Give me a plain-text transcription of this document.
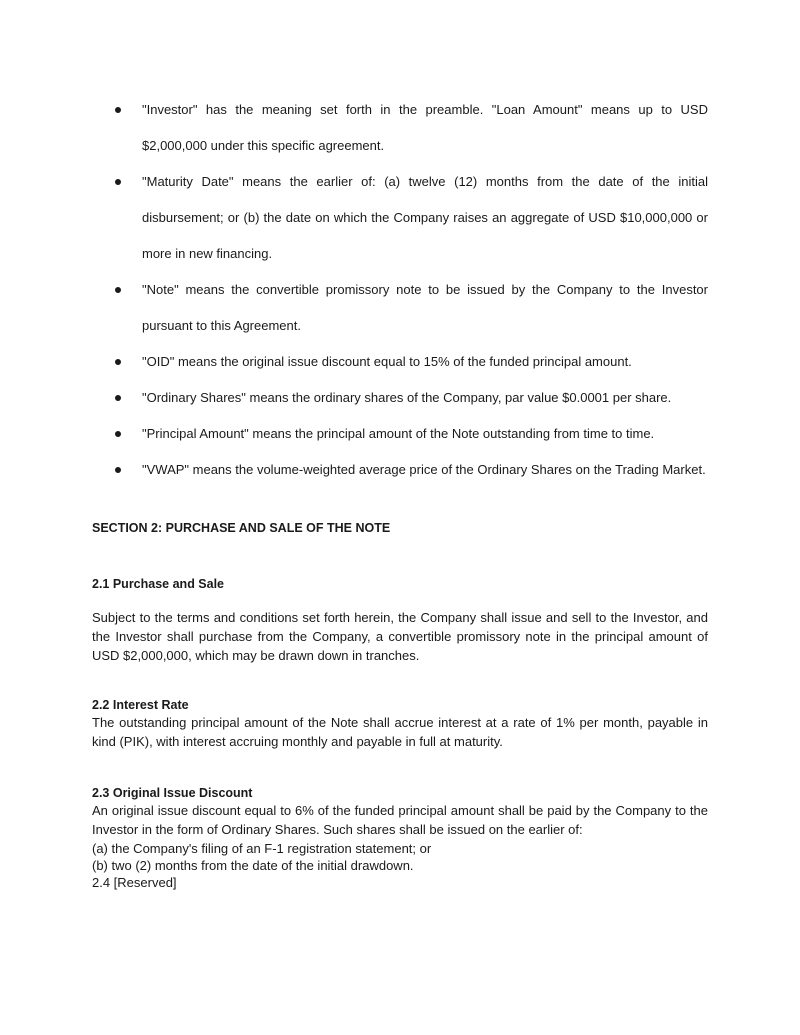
"Investor" has the meaning set forth in the preamble. "Loan Amount" means up to USD $2,000,000 under this specific agreement.
"Maturity Date" means the earlier of: (a) twelve (12) months from the date of the initial disbursement; or (b) the date on which the Company raises an aggregate of USD $10,000,000 or more in new financing.
"Note" means the convertible promissory note to be issued by the Company to the Investor pursuant to this Agreement.
"OID" means the original issue discount equal to 15% of the funded principal amount.
"Ordinary Shares" means the ordinary shares of the Company, par value $0.0001 per share.
"Principal Amount" means the principal amount of the Note outstanding from time to time.
"VWAP" means the volume-weighted average price of the Ordinary Shares on the Trading Market.
SECTION 2: PURCHASE AND SALE OF THE NOTE
2.1 Purchase and Sale

Subject to the terms and conditions set forth herein, the Company shall issue and sell to the Investor, and the Investor shall purchase from the Company, a convertible promissory note in the principal amount of USD $2,000,000, which may be drawn down in tranches.

2.2 Interest Rate

The outstanding principal amount of the Note shall accrue interest at a rate of 1% per month, payable in kind (PIK), with interest accruing monthly and payable in full at maturity.

2.3 Original Issue Discount

An original issue discount equal to 6% of the funded principal amount shall be paid by the Company to the Investor in the form of Ordinary Shares. Such shares shall be issued on the earlier of:

(a) the Company's filing of an F-1 registration statement; or
(b) two (2) months from the date of the initial drawdown.
2.4 [Reserved]
